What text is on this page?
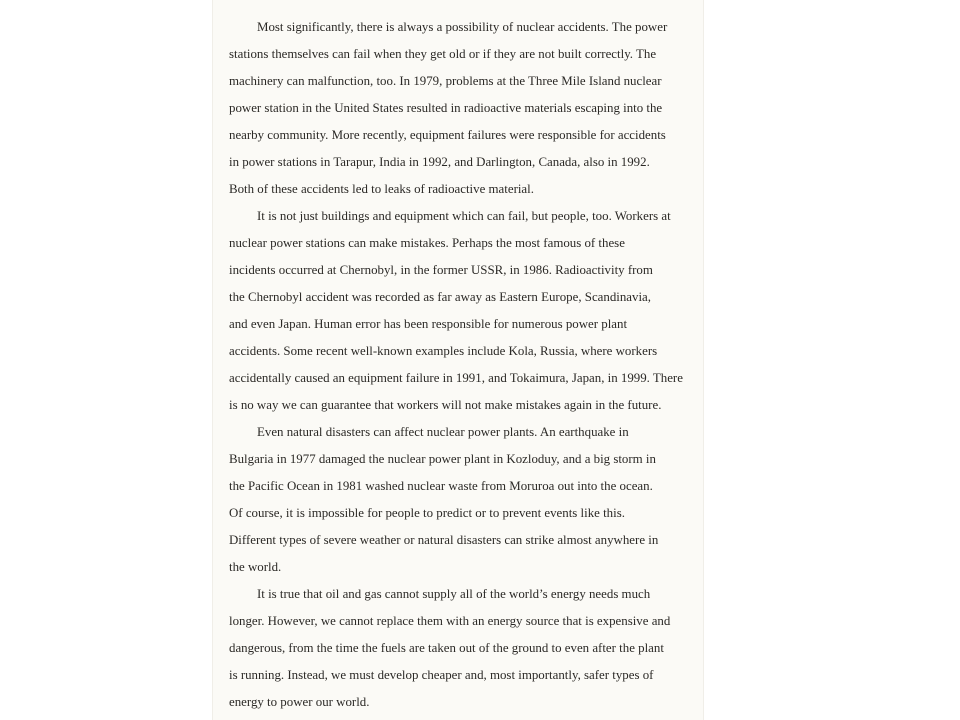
Most significantly, there is always a possibility of nuclear accidents. The power
stations themselves can fail when they get old or if they are not built correctly. The
machinery can malfunction, too. In 1979, problems at the Three Mile Island nuclear
power station in the United States resulted in radioactive materials escaping into the
nearby community. More recently, equipment failures were responsible for accidents
in power stations in Tarapur, India in 1992, and Darlington, Canada, also in 1992.
Both of these accidents led to leaks of radioactive material.
It is not just buildings and equipment which can fail, but people, too. Workers at
nuclear power stations can make mistakes. Perhaps the most famous of these
incidents occurred at Chernobyl, in the former USSR, in 1986. Radioactivity from
the Chernobyl accident was recorded as far away as Eastern Europe, Scandinavia,
and even Japan. Human error has been responsible for numerous power plant
accidents. Some recent well-known examples include Kola, Russia, where workers
accidentally caused an equipment failure in 1991, and Tokaimura, Japan, in 1999. There
is no way we can guarantee that workers will not make mistakes again in the future.
Even natural disasters can affect nuclear power plants. An earthquake in
Bulgaria in 1977 damaged the nuclear power plant in Kozloduy, and a big storm in
the Pacific Ocean in 1981 washed nuclear waste from Moruroa out into the ocean.
Of course, it is impossible for people to predict or to prevent events like this.
Different types of severe weather or natural disasters can strike almost anywhere in
the world.
It is true that oil and gas cannot supply all of the world’s energy needs much
longer. However, we cannot replace them with an energy source that is expensive and
dangerous, from the time the fuels are taken out of the ground to even after the plant
is running. Instead, we must develop cheaper and, most importantly, safer types of
energy to power our world.
